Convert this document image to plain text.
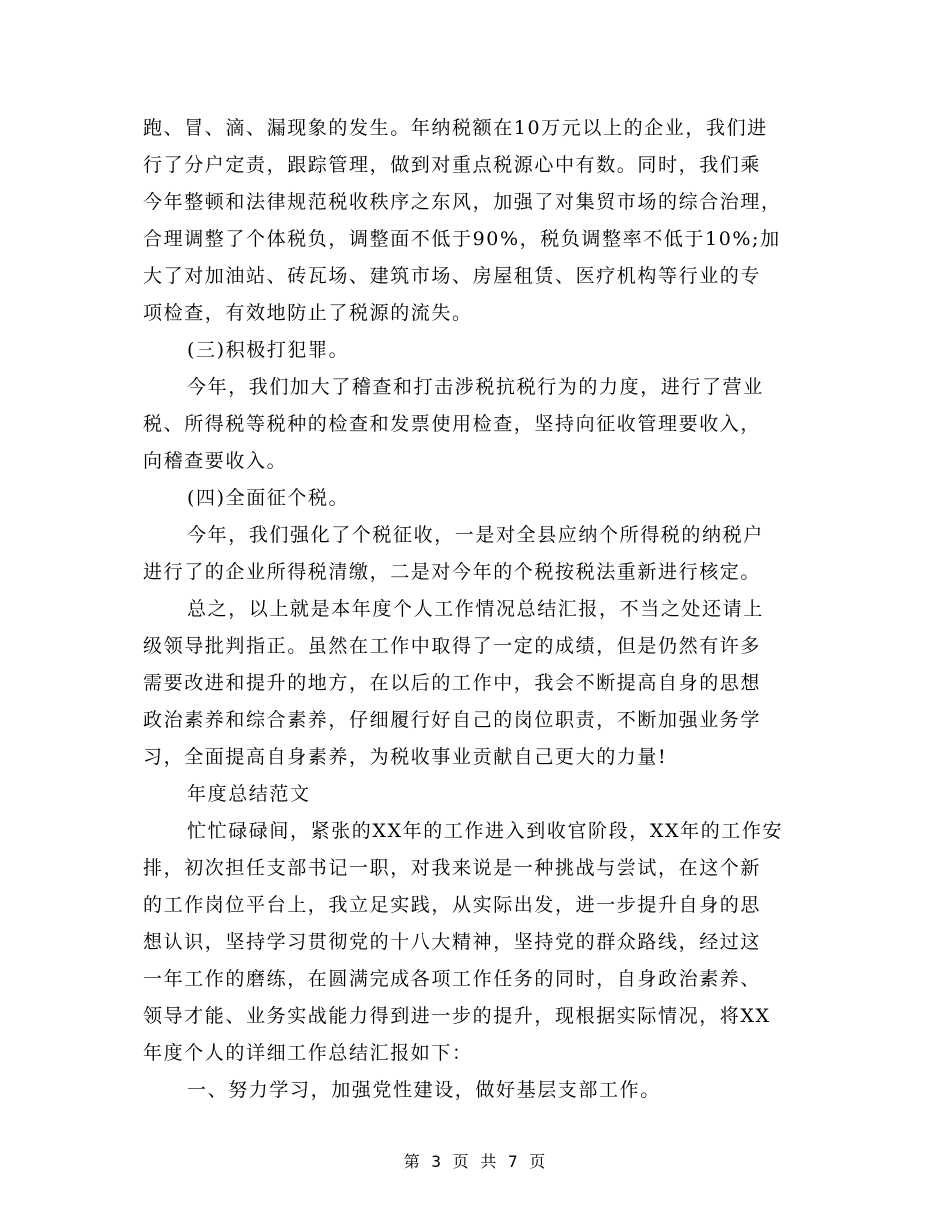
跑、冒、滴、漏现象的发生。年纳税额在10万元以上的企业，我们进
行了分户定责，跟踪管理，做到对重点税源心中有数。同时，我们乘
今年整顿和法律规范税收秩序之东风，加强了对集贸市场的综合治理，
合理调整了个体税负，调整面不低于90%，税负调整率不低于10%;加
大了对加油站、砖瓦场、建筑市场、房屋租赁、医疗机构等行业的专
项检查，有效地防止了税源的流失。
(三)积极打犯罪。
今年，我们加大了稽查和打击涉税抗税行为的力度，进行了营业
税、所得税等税种的检查和发票使用检查，坚持向征收管理要收入，
向稽查要收入。
(四)全面征个税。
今年，我们强化了个税征收，一是对全县应纳个所得税的纳税户
进行了的企业所得税清缴，二是对今年的个税按税法重新进行核定。
总之，以上就是本年度个人工作情况总结汇报，不当之处还请上
级领导批判指正。虽然在工作中取得了一定的成绩，但是仍然有许多
需要改进和提升的地方，在以后的工作中，我会不断提高自身的思想
政治素养和综合素养，仔细履行好自己的岗位职责，不断加强业务学
习，全面提高自身素养，为税收事业贡献自己更大的力量!
年度总结范文
忙忙碌碌间，紧张的XX年的工作进入到收官阶段，XX年的工作安
排，初次担任支部书记一职，对我来说是一种挑战与尝试，在这个新
的工作岗位平台上，我立足实践，从实际出发，进一步提升自身的思
想认识，坚持学习贯彻党的十八大精神，坚持党的群众路线，经过这
一年工作的磨练，在圆满完成各项工作任务的同时，自身政治素养、
领导才能、业务实战能力得到进一步的提升，现根据实际情况，将XX
年度个人的详细工作总结汇报如下：
一、努力学习，加强党性建设，做好基层支部工作。
第 3 页 共 7 页
